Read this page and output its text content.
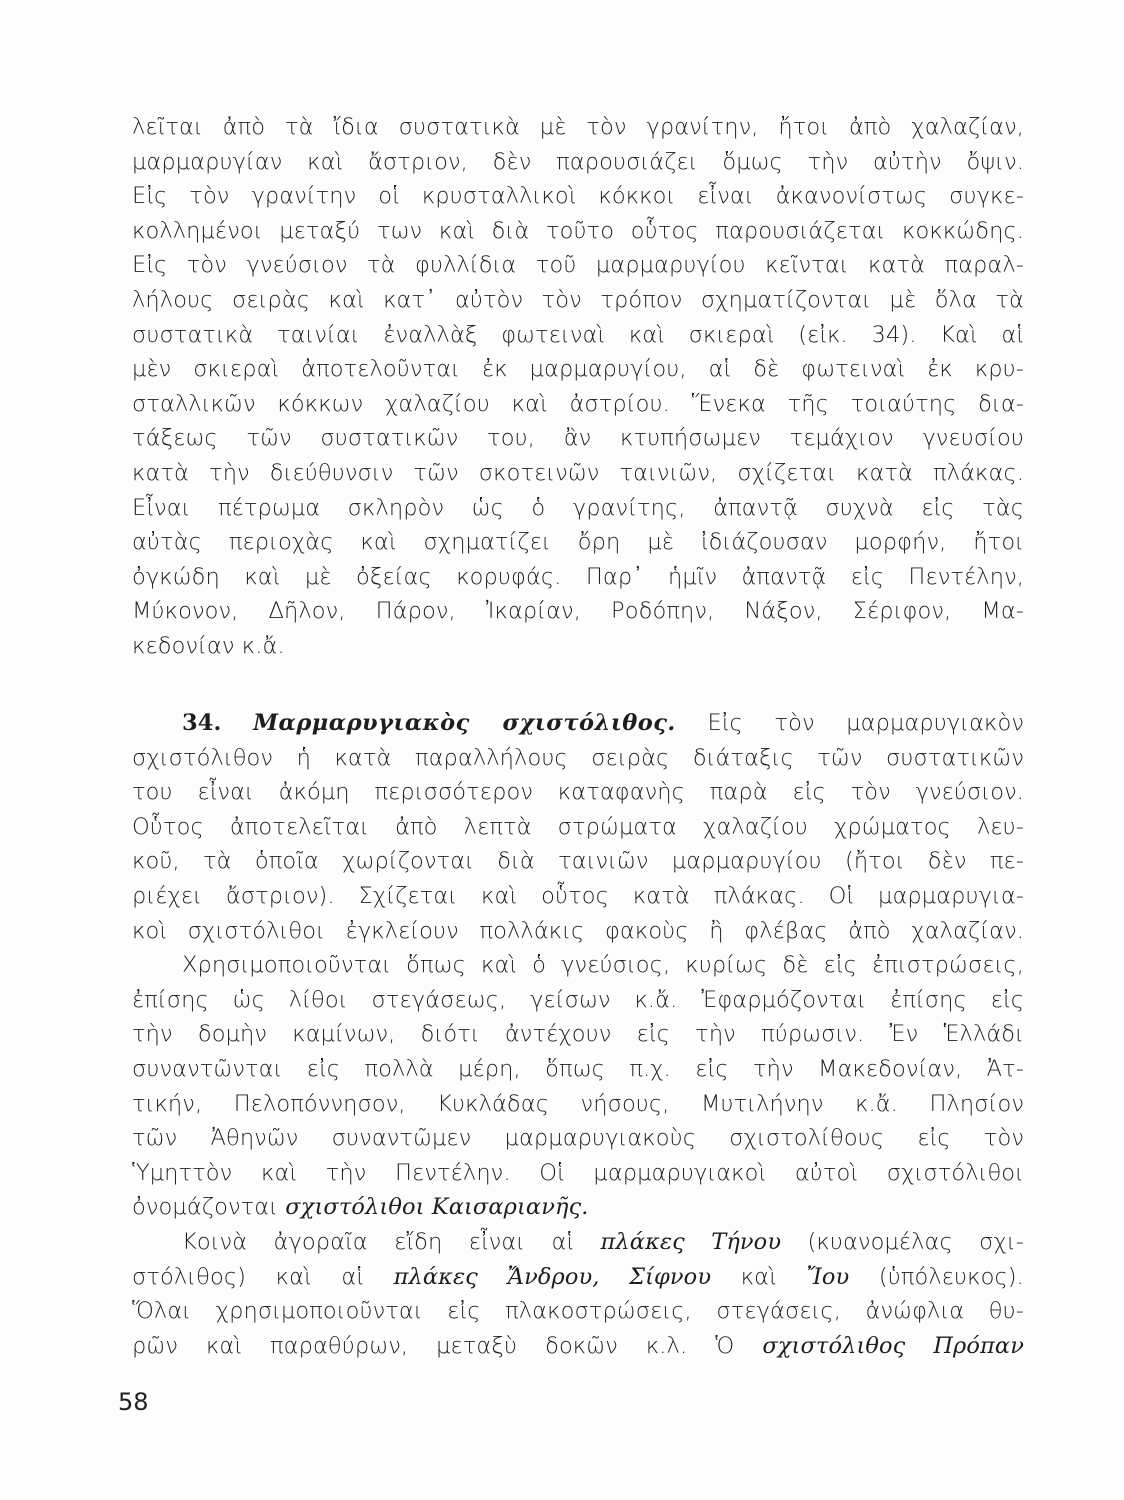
λεῖται ἀπὸ τὰ ἴδια συστατικὰ μὲ τὸν γρανίτην, ἤτοι ἀπὸ χαλαζίαν,
μαρμαρυγίαν καὶ ἄστριον, δὲν παρουσιάζει ὅμως τὴν αὐτὴν ὄψιν.
Εἰς τὸν γρανίτην οἱ κρυσταλλικοὶ κόκκοι εἶναι ἀκανονίστως συγκε-
κολλημένοι μεταξύ των καὶ διὰ τοῦτο οὗτος παρουσιάζεται κοκκώδης.
Εἰς τὸν γνεύσιον τὰ φυλλίδια τοῦ μαρμαρυγίου κεῖνται κατὰ παραλ-
λήλους σειρὰς καὶ κατ᾽ αὐτὸν τὸν τρόπον σχηματίζονται μὲ ὅλα τὰ
συστατικὰ ταινίαι ἐναλλὰξ φωτειναὶ καὶ σκιεραὶ (εἰκ. 34). Καὶ αἱ
μὲν σκιεραὶ ἀποτελοῦνται ἐκ μαρμαρυγίου, αἱ δὲ φωτειναὶ ἐκ κρυ-
σταλλικῶν κόκκων χαλαζίου καὶ ἀστρίου. Ἕνεκα τῆς τοιαύτης δια-
τάξεως τῶν συστατικῶν του, ἂν κτυπήσωμεν τεμάχιον γνευσίου
κατὰ τὴν διεύθυνσιν τῶν σκοτεινῶν ταινιῶν, σχίζεται κατὰ πλάκας.
Εἶναι πέτρωμα σκληρὸν ὡς ὁ γρανίτης, ἀπαντᾷ συχνὰ εἰς τὰς
αὐτὰς περιοχὰς καὶ σχηματίζει ὄρη μὲ ἰδιάζουσαν μορφήν, ἤτοι
ὀγκώδη καὶ μὲ ὀξείας κορυφάς. Παρ᾽ ἡμῖν ἀπαντᾷ εἰς Πεντέλην,
Μύκονον, Δῆλον, Πάρον, Ἰκαρίαν, Ροδόπην, Νάξον, Σέριφον, Μα-
κεδονίαν κ.ἄ.
34. Μαρμαρυγιακὸς σχιστόλιθος. Εἰς τὸν μαρμαρυγιακὸν
σχιστόλιθον ἡ κατὰ παραλλήλους σειρὰς διάταξις τῶν συστατικῶν
του εἶναι ἀκόμη περισσότερον καταφανὴς παρὰ εἰς τὸν γνεύσιον.
Οὗτος ἀποτελεῖται ἀπὸ λεπτὰ στρώματα χαλαζίου χρώματος λευ-
κοῦ, τὰ ὁποῖα χωρίζονται διὰ ταινιῶν μαρμαρυγίου (ἤτοι δὲν πε-
ριέχει ἄστριον). Σχίζεται καὶ οὗτος κατὰ πλάκας. Οἱ μαρμαρυγια-
κοὶ σχιστόλιθοι ἐγκλείουν πολλάκις φακοὺς ἢ φλέβας ἀπὸ χαλαζίαν.
Χρησιμοποιοῦνται ὅπως καὶ ὁ γνεύσιος, κυρίως δὲ εἰς ἐπιστρώσεις,
ἐπίσης ὡς λίθοι στεγάσεως, γείσων κ.ἄ. Ἐφαρμόζονται ἐπίσης εἰς
τὴν δομὴν καμίνων, διότι ἀντέχουν εἰς τὴν πύρωσιν. Ἐν Ἑλλάδι
συναντῶνται εἰς πολλὰ μέρη, ὅπως π.χ. εἰς τὴν Μακεδονίαν, Ἀτ-
τικήν, Πελοπόννησον, Κυκλάδας νήσους, Μυτιλήνην κ.ἄ. Πλησίον
τῶν Ἀθηνῶν συναντῶμεν μαρμαρυγιακοὺς σχιστολίθους εἰς τὸν
Ὑμηττὸν καὶ τὴν Πεντέλην. Οἱ μαρμαρυγιακοὶ αὐτοὶ σχιστόλιθοι
ὀνομάζονται σχιστόλιθοι Καισαριανῆς.
Κοινὰ ἀγοραῖα εἴδη εἶναι αἱ πλάκες Τήνου (κυανομέλας σχι-
στόλιθος) καὶ αἱ πλάκες Ἄνδρου, Σίφνου καὶ Ἴου (ὑπόλευκος).
Ὅλαι χρησιμοποιοῦνται εἰς πλακοστρώσεις, στεγάσεις, ἀνώφλια θυ-
ρῶν καὶ παραθύρων, μεταξὺ δοκῶν κ.λ. Ὁ σχιστόλιθος Πρόπαν
58
